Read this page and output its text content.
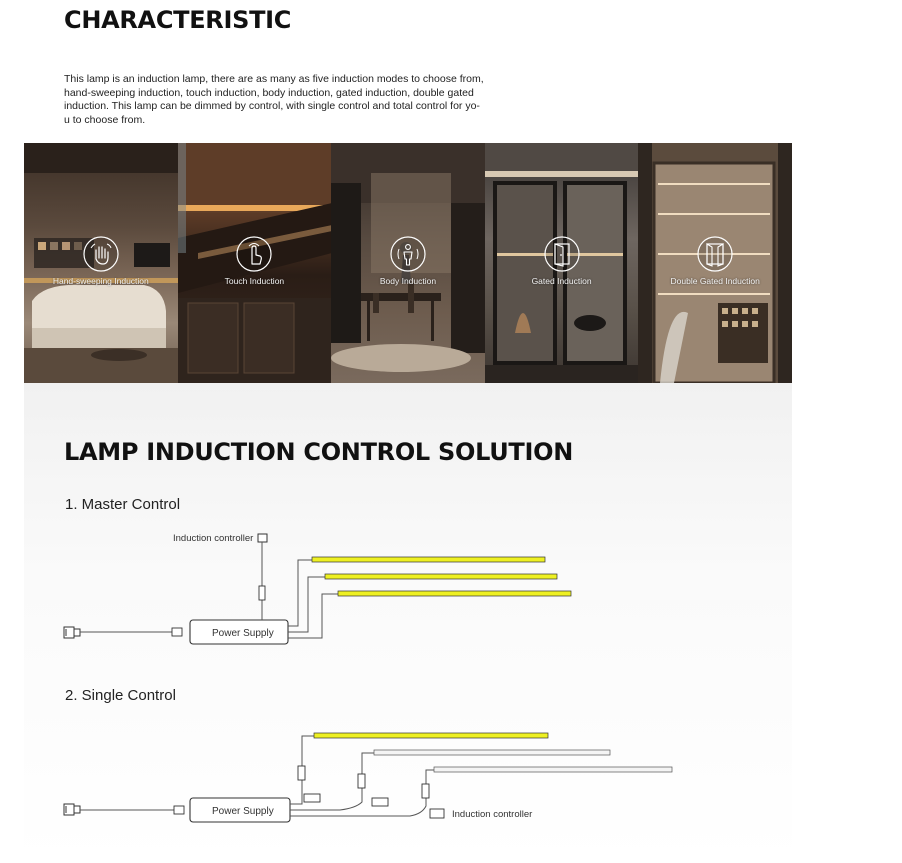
CHARACTERISTIC
This lamp is an induction lamp, there are as many as five induction modes to choose from,
hand-sweeping induction, touch induction, body induction, gated induction, double gated
induction. This lamp can be dimmed by control, with single control and total control for yo-
u to choose from.
Hand-sweeping Induction	Touch Induction	Body Induction	Gated Induction	Double Gated Induction
LAMP INDUCTION CONTROL SOLUTION
1. Master Control
2. Single Control
Power Supply
Induction controller
Power Supply	Induction controller
